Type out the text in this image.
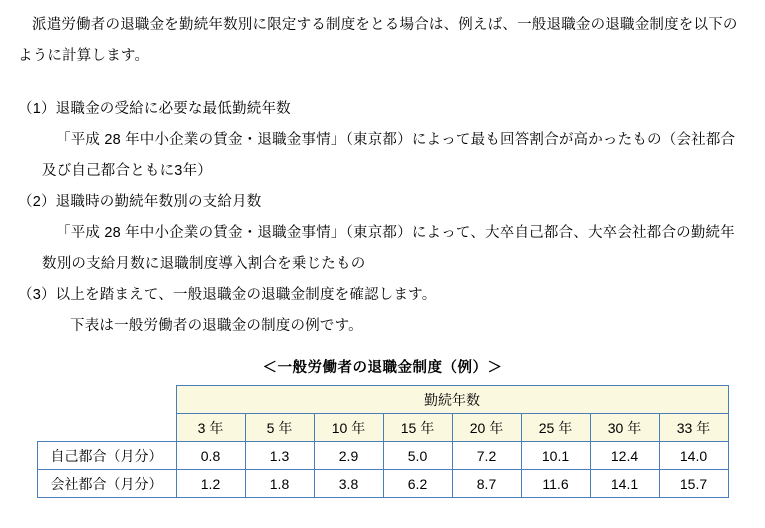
派遣労働者の退職金を勤続年数別に限定する制度をとる場合は、例えば、一般退職金の退職金制度を以下のように計算します。

（1）退職金の受給に必要な最低勤続年数
「平成 28 年中小企業の賃金・退職金事情」（東京都）によって最も回答割合が高かったもの（会社都合及び自己都合ともに3年）
（2）退職時の勤続年数別の支給月数
「平成 28 年中小企業の賃金・退職金事情」（東京都）によって、大卒自己都合、大卒会社都合の勤続年数別の支給月数に退職制度導入割合を乗じたもの
（3）以上を踏まえて、一般退職金の退職金制度を確認します。
下表は一般労働者の退職金の制度の例です。
＜一般労働者の退職金制度（例）＞
	勤続年数							
	3 年	5 年	10 年	15 年	20 年	25 年	30 年	33 年
自己都合（月分）	0.8	1.3	2.9	5.0	7.2	10.1	12.4	14.0
会社都合（月分）	1.2	1.8	3.8	6.2	8.7	11.6	14.1	15.7
